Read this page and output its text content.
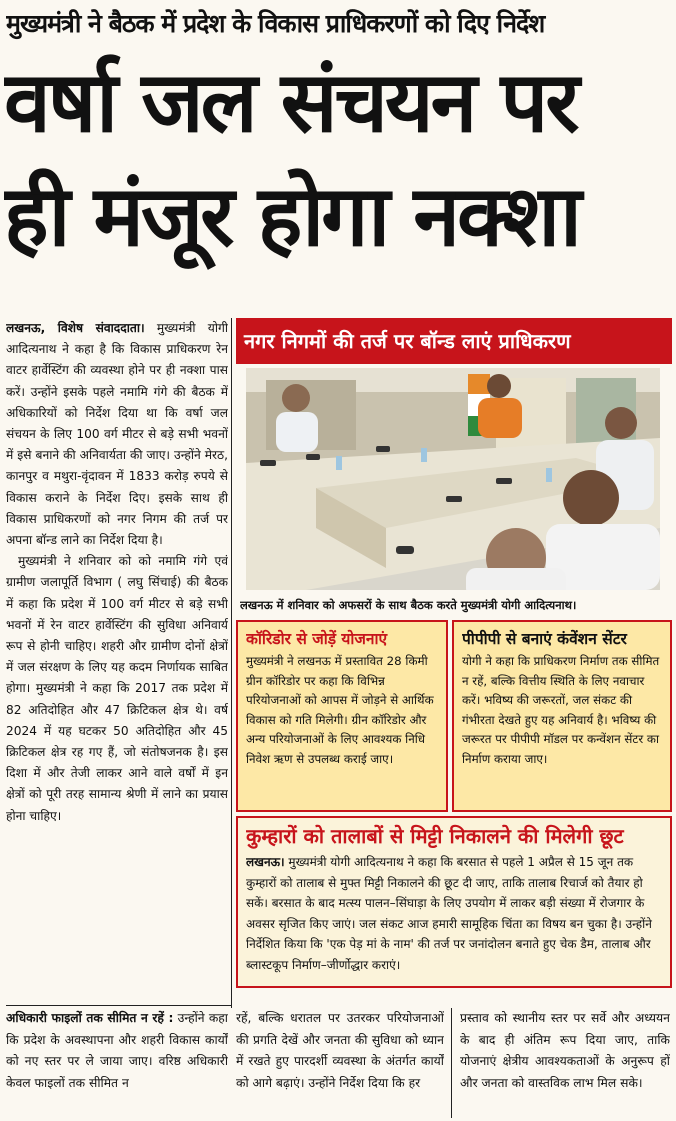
मुख्यमंत्री ने बैठक में प्रदेश के विकास प्राधिकरणों को दिए निर्देश
वर्षा जल संचयन पर
ही मंजूर होगा नक्शा

लखनऊ, विशेष संवाददाता। मुख्यमंत्री योगी आदित्यनाथ ने कहा है कि विकास प्राधिकरण रेन वाटर हार्वेस्टिंग की व्यवस्था होने पर ही नक्शा पास करें। उन्होंने इसके पहले नमामि गंगे की बैठक में अधिकारियों को निर्देश दिया था कि वर्षा जल संचयन के लिए 100 वर्ग मीटर से बड़े सभी भवनों में इसे बनाने की अनिवार्यता की जाए। उन्होंने मेरठ, कानपुर व मथुरा-वृंदावन में 1833 करोड़ रुपये से विकास कराने के निर्देश दिए। इसके साथ ही विकास प्राधिकरणों को नगर निगम की तर्ज पर अपना बॉन्ड लाने का निर्देश दिया है।

मुख्यमंत्री ने शनिवार को को नमामि गंगे एवं ग्रामीण जलापूर्ति विभाग ( लघु सिंचाई) की बैठक में कहा कि प्रदेश में 100 वर्ग मीटर से बड़े सभी भवनों में रेन वाटर हार्वेस्टिंग की सुविधा अनिवार्य रूप से होनी चाहिए। शहरी और ग्रामीण दोनों क्षेत्रों में जल संरक्षण के लिए यह कदम निर्णायक साबित होगा। मुख्यमंत्री ने कहा कि 2017 तक प्रदेश में 82 अतिदोहित और 47 क्रिटिकल क्षेत्र थे। वर्ष 2024 में यह घटकर 50 अतिदोहित और 45 क्रिटिकल क्षेत्र रह गए हैं, जो संतोषजनक है। इस दिशा में और तेजी लाकर आने वाले वर्षों में इन क्षेत्रों को पूरी तरह सामान्य श्रेणी में लाने का प्रयास होना चाहिए।

अधिकारी फाइलों तक सीमित न रहें : उन्होंने कहा कि प्रदेश के अवस्थापना और शहरी विकास कार्यों को नए स्तर पर ले जाया जाए। वरिष्ठ अधिकारी केवल फाइलों तक सीमित न
नगर निगमों की तर्ज पर बॉन्ड लाएं प्राधिकरण
लखनऊ में शनिवार को अफसरों के साथ बैठक करते मुख्यमंत्री योगी आदित्यनाथ।
कॉरिडोर से जोड़ें योजनाएं
मुख्यमंत्री ने लखनऊ में प्रस्तावित 28 किमी ग्रीन कॉरिडोर पर कहा कि विभिन्न परियोजनाओं को आपस में जोड़ने से आर्थिक विकास को गति मिलेगी। ग्रीन कॉरिडोर और अन्य परियोजनाओं के लिए आवश्यक निधि निवेश ऋण से उपलब्ध कराई जाए।
पीपीपी से बनाएं कंवेंशन सेंटर
योगी ने कहा कि प्राधिकरण निर्माण तक सीमित न रहें, बल्कि वित्तीय स्थिति के लिए नवाचार करें। भविष्य की जरूरतों, जल संकट की गंभीरता देखते हुए यह अनिवार्य है। भविष्य की जरूरत पर पीपीपी मॉडल पर कन्वेंशन सेंटर का निर्माण कराया जाए।
कुम्हारों को तालाबों से मिट्टी निकालने की मिलेगी छूट
लखनऊ। मुख्यमंत्री योगी आदित्यनाथ ने कहा कि बरसात से पहले 1 अप्रैल से 15 जून तक कुम्हारों को तालाब से मुफ्त मिट्टी निकालने की छूट दी जाए, ताकि तालाब रिचार्ज को तैयार हो सकें। बरसात के बाद मत्स्य पालन–सिंघाड़ा के लिए उपयोग में लाकर बड़ी संख्या में रोजगार के अवसर सृजित किए जाएं। जल संकट आज हमारी सामूहिक चिंता का विषय बन चुका है। उन्होंने निर्देशित किया कि 'एक पेड़ मां के नाम' की तर्ज पर जनांदोलन बनाते हुए चेक डैम, तालाब और ब्लास्टकूप निर्माण–जीर्णोद्धार कराएं।
रहें, बल्कि धरातल पर उतरकर परियोजनाओं की प्रगति देखें और जनता की सुविधा को ध्यान में रखते हुए पारदर्शी व्यवस्था के अंतर्गत कार्यों को आगे बढ़ाएं। उन्होंने निर्देश दिया कि हर
प्रस्ताव को स्थानीय स्तर पर सर्वे और अध्ययन के बाद ही अंतिम रूप दिया जाए, ताकि योजनाएं क्षेत्रीय आवश्यकताओं के अनुरूप हों और जनता को वास्तविक लाभ मिल सके।
